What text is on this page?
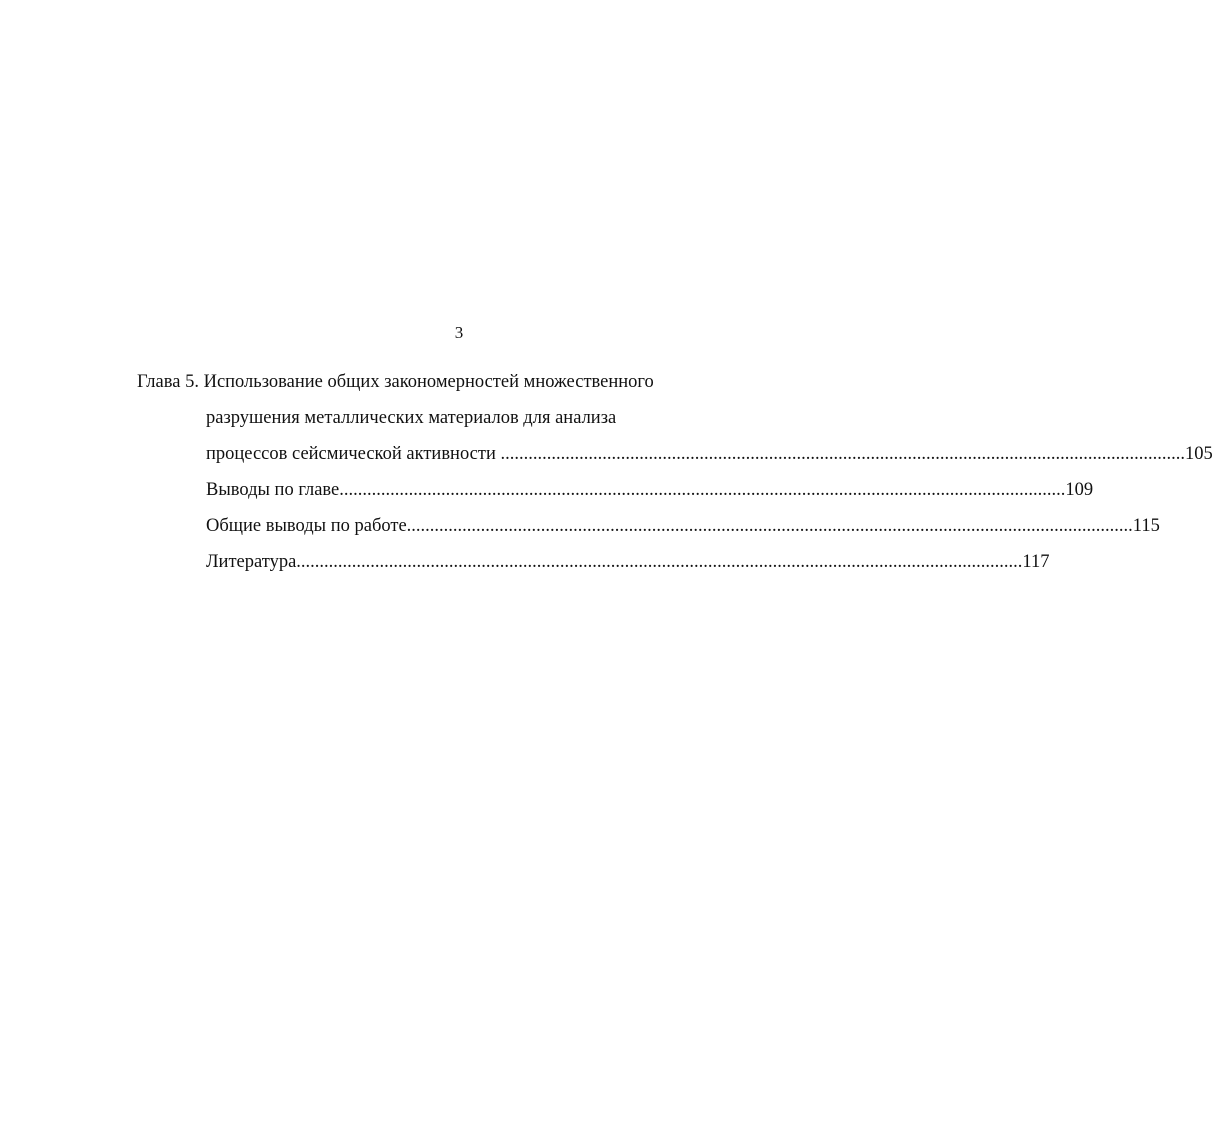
3
Глава 5. Использование общих закономерностей множественного
разрушения металлических материалов для анализа
процессов сейсмической активности .................................................................................................................................................... 105
Выводы по главе ............................................................................................................................................................. 109
Общие выводы по работе ............................................................................................................................................................. 115
Литература ............................................................................................................................................................. 117
